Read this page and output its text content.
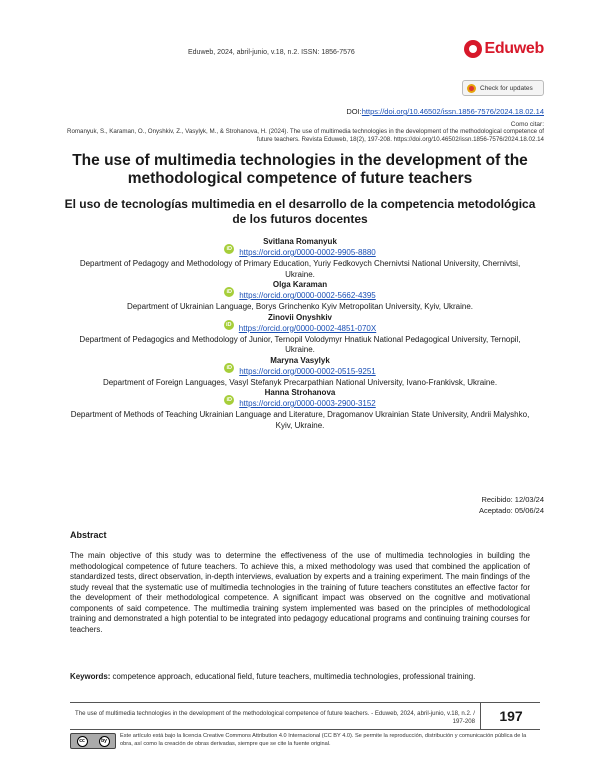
Eduweb, 2024, abril-junio, v.18, n.2. ISSN: 1856-7576	Eduweb
Check for updates
DOI:https://doi.org/10.46502/issn.1856-7576/2024.18.02.14
Como citar:
Romanyuk, S., Karaman, O., Onyshkiv, Z., Vasylyk, M., & Strohanova, H. (2024). The use of multimedia technologies in the development of the methodological competence of future teachers. Revista Eduweb, 18(2), 197-208. https://doi.org/10.46502/issn.1856-7576/2024.18.02.14
The use of multimedia technologies in the development of the methodological competence of future teachers
El uso de tecnologías multimedia en el desarrollo de la competencia metodológica de los futuros docentes
Svitlana Romanyuk
iD https://orcid.org/0000-0002-9905-8880
Department of Pedagogy and Methodology of Primary Education, Yuriy Fedkovych Chernivtsi National University, Chernivtsi, Ukraine.
Olga Karaman
iD https://orcid.org/0000-0002-5662-4395
Department of Ukrainian Language, Borys Grinchenko Kyiv Metropolitan University, Kyiv, Ukraine.
Zinovii Onyshkiv
iD https://orcid.org/0000-0002-4851-070X
Department of Pedagogics and Methodology of Junior, Ternopil Volodymyr Hnatiuk National Pedagogical University, Ternopil, Ukraine.
Maryna Vasylyk
iD https://orcid.org/0000-0002-0515-9251
Department of Foreign Languages, Vasyl Stefanyk Precarpathian National University, Ivano-Frankivsk, Ukraine.
Hanna Strohanova
iD https://orcid.org/0000-0003-2900-3152
Department of Methods of Teaching Ukrainian Language and Literature, Dragomanov Ukrainian State University, Andrii Malyshko, Kyiv, Ukraine.
Recibido: 12/03/24
Aceptado: 05/06/24
Abstract
The main objective of this study was to determine the effectiveness of the use of multimedia technologies in building the methodological competence of future teachers. To achieve this, a mixed methodology was used that combined the application of standardized tests, direct observation, in-depth interviews, evaluation by experts and a training experiment. The main findings of the study reveal that the systematic use of multimedia technologies in the training of future teachers constitutes an effective factor for the development of their methodological competence. A significant impact was observed on the cognitive and motivational components of said competence. The multimedia training system implemented was based on the principles of methodological training and demonstrated a high potential to be integrated into pedagogy educational programs and continuing training courses for teachers.
Keywords: competence approach, educational field, future teachers, multimedia technologies, professional training.
The use of multimedia technologies in the development of the methodological competence of future teachers. - Eduweb, 2024, abril-junio, v.18, n.2. / 197-208	197
cc	by
Este artículo está bajo la licencia Creative Commons Attribution 4.0 Internacional (CC BY 4.0). Se permite la reproducción, distribución y comunicación pública de la obra, así como la creación de obras derivadas, siempre que se cite la fuente original.
